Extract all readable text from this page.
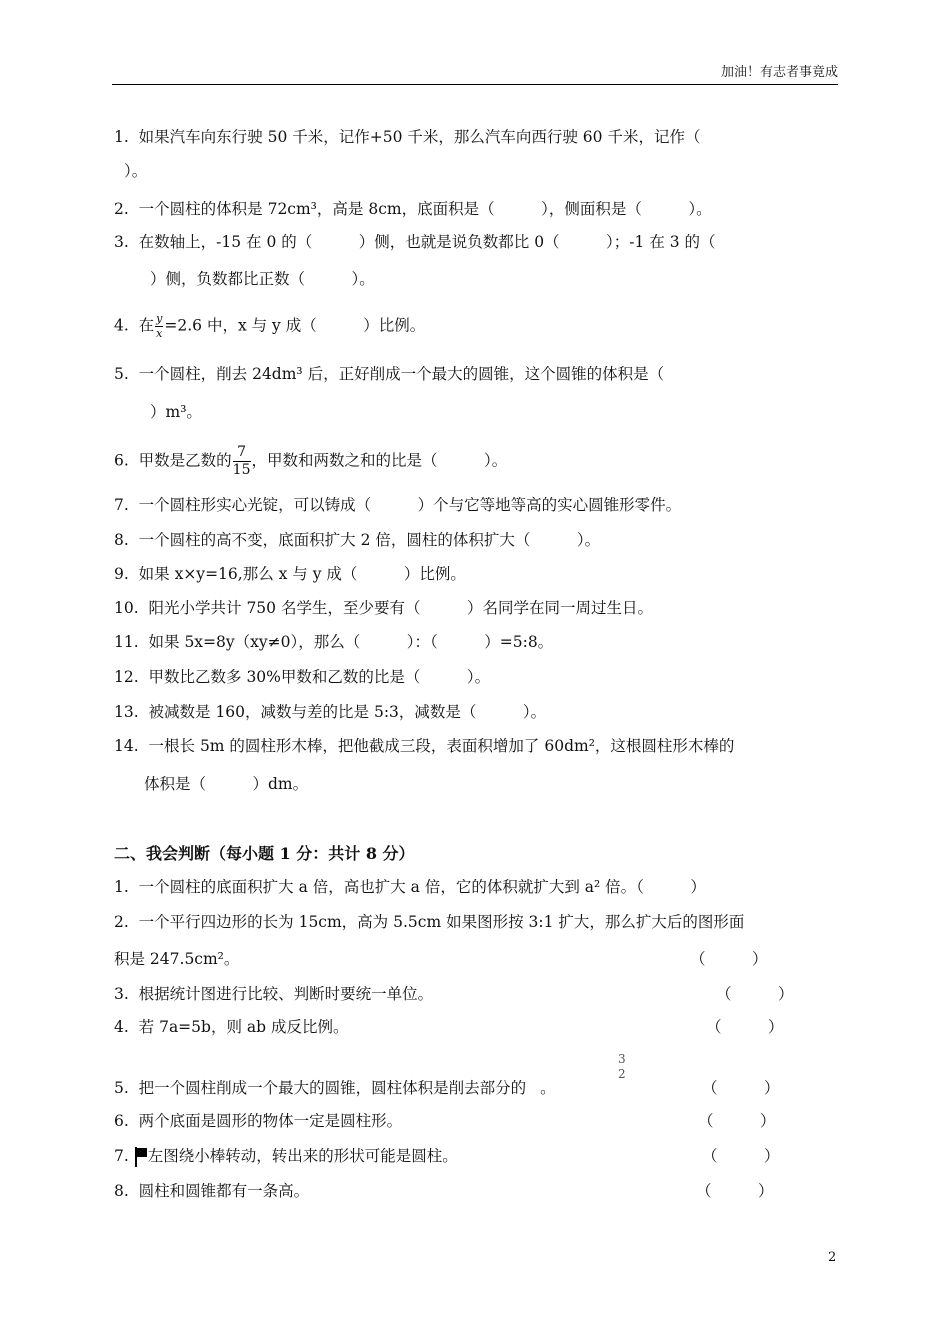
加油！有志者事竟成
1. 如果汽车向东行驶 50 千米，记作+50 千米，那么汽车向西行驶 60 千米，记作（
）。
2. 一个圆柱的体积是 72cm³，高是 8cm，底面积是（　　　），侧面积是（　　　）。
3. 在数轴上，-15 在 0 的（　　　）侧，也就是说负数都比 0（　　　）；-1 在 3 的（
）侧，负数都比正数（　　　）。
4. 在 $\frac{y}{x} =2.6$ 中，x 与 y 成（　　　）比例。
5. 一个圆柱，削去 24dm³ 后，正好削成一个最大的圆锥，这个圆锥的体积是（
）m³。
6. 甲数是乙数的 $\frac{7}{15}$ ，甲数和两数之和的比是（　　　）。
7. 一个圆柱形实心光锭，可以铸成（　　　）个与它等地等高的实心圆锥形零件。
8. 一个圆柱的高不变，底面积扩大 2 倍，圆柱的体积扩大（　　　）。
9. 如果 x×y=16,那么 x 与 y 成（　　　）比例。
10. 阳光小学共计 750 名学生，至少要有（　　　）名同学在同一周过生日。
11. 如果 5x=8y（xy≠0），那么（　　　）：（　　　）=5:8。
12. 甲数比乙数多 30%甲数和乙数的比是（　　　）。
13. 被减数是 160，减数与差的比是 5:3，减数是（　　　）。
14. 一根长 5m 的圆柱形木棒，把他截成三段，表面积增加了 60dm²，这根圆柱形木棒的
体积是（　　　）dm。
二、我会判断（每小题 1 分：共计 8 分）
1. 一个圆柱的底面积扩大 a 倍，高也扩大 a 倍，它的体积就扩大到 a² 倍。（　　　）
2. 一个平行四边形的长为 15cm，高为 5.5cm 如果图形按 3:1 扩大，那么扩大后的图形面
积是 247.5cm²。	（　　　）
3. 根据统计图进行比较、判断时要统一单位。	（　　　）
4. 若 7a=5b，则 ab 成反比例。	（　　　）
3
2
5. 把一个圆柱削成一个最大的圆锥，圆柱体积是削去部分的 。	（　　　）
6. 两个底面是圆形的物体一定是圆柱形。	（　　　）
7. 左图绕小棒转动，转出来的形状可能是圆柱。	（　　　）
8. 圆柱和圆锥都有一条高。	（　　　）
2
